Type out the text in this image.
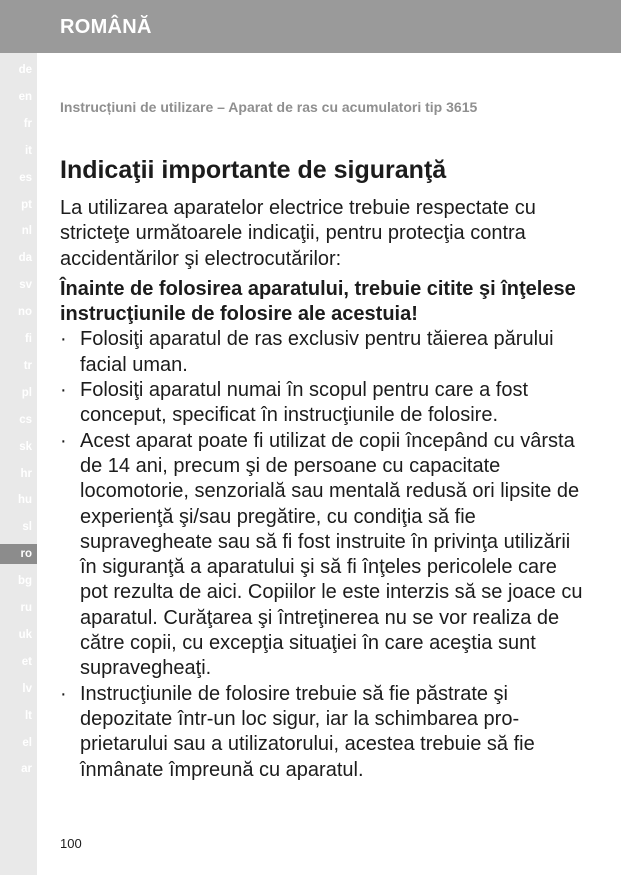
ROMÂNĂ
de
en
fr
it
es
pt
nl
da
sv
no
fi
tr
pl
cs
sk
hr
hu
sl
ro
bg
ru
uk
et
lv
lt
el
ar
Instrucțiuni de utilizare – Aparat de ras cu acumulatori tip 3615
Indicaţii importante de siguranţă

La utilizarea aparatelor electrice trebuie respectate cu stricteţe următoarele indicaţii, pentru protecţia contra accidentărilor şi electrocutărilor:

Înainte de folosirea aparatului, trebuie citite şi înţelese instrucţiunile de folosire ale acestuia!

· Folosiţi aparatul de ras exclusiv pentru tăierea părului facial uman.
· Folosiţi aparatul numai în scopul pentru care a fost conceput, specificat în instrucţiunile de folosire.
· Acest aparat poate fi utilizat de copii începând cu vârsta de 14 ani, precum şi de persoane cu capacitate locomotorie, senzorială sau mentală redusă ori lipsite de experienţă şi/sau pregătire, cu condiţia să fie supravegheate sau să fi fost instruite în privinţa utilizării în siguranţă a aparatului şi să fi înţeles pericolele care pot rezulta de aici. Copiilor le este interzis să se joace cu aparatul. Curăţarea şi întreţinerea nu se vor realiza de către copii, cu excepţia situaţiei în care aceştia sunt supravegheaţi.
· Instrucţiunile de folosire trebuie să fie păstrate şi depozitate într-un loc sigur, iar la schimbarea proprietarului sau a utilizatorului, acestea trebuie să fie înmânate împreună cu aparatul.
100
